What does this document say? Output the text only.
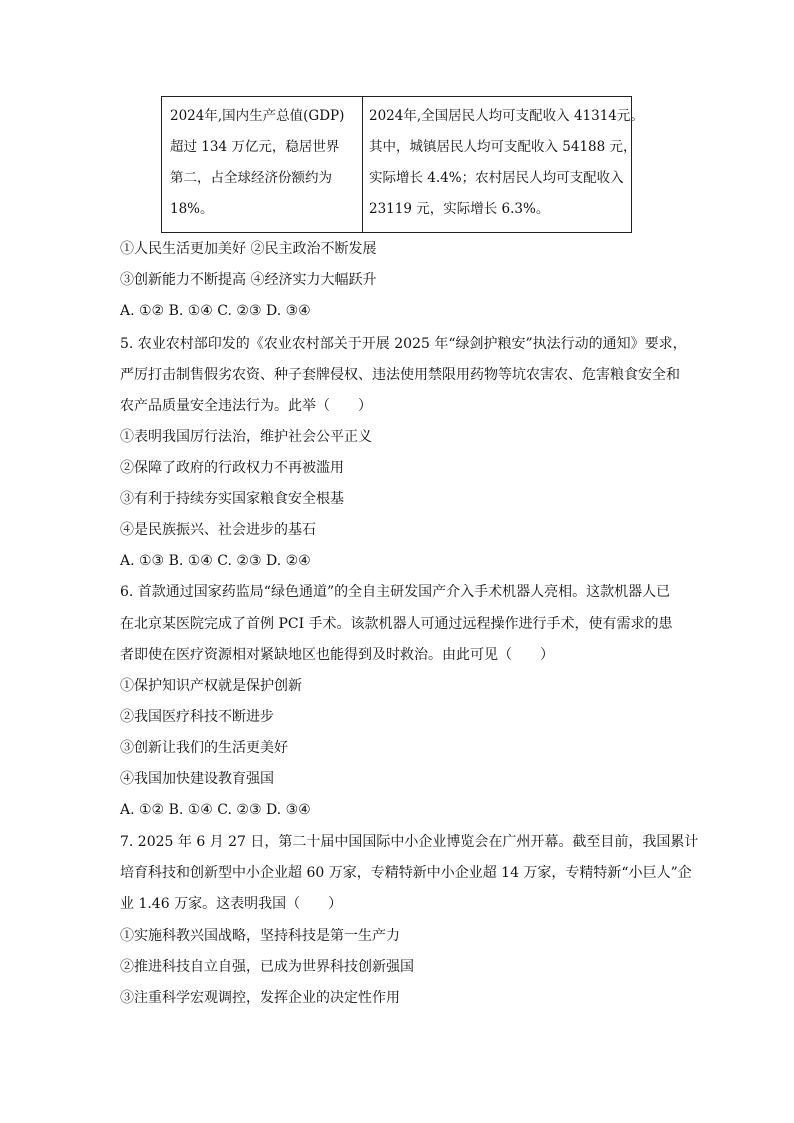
2024年,国内生产总值(GDP)
超过 134 万亿元，稳居世界
第二，占全球经济份额约为
18%。

2024年,全国居民人均可支配收入 41314元。
其中，城镇居民人均可支配收入 54188 元，
实际增长 4.4%；农村居民人均可支配收入
23119 元，实际增长 6.3%。
①人民生活更加美好 ②民主政治不断发展
③创新能力不断提高 ④经济实力大幅跃升
A. ①② B. ①④ C. ②③ D. ③④
5. 农业农村部印发的《农业农村部关于开展 2025 年“绿剑护粮安”执法行动的通知》要求，
严厉打击制售假劣农资、种子套牌侵权、违法使用禁限用药物等坑农害农、危害粮食安全和
农产品质量安全违法行为。此举（　　）
①表明我国厉行法治，维护社会公平正义
②保障了政府的行政权力不再被滥用
③有利于持续夯实国家粮食安全根基
④是民族振兴、社会进步的基石
A. ①③ B. ①④ C. ②③ D. ②④
6. 首款通过国家药监局“绿色通道”的全自主研发国产介入手术机器人亮相。这款机器人已
在北京某医院完成了首例 PCI 手术。该款机器人可通过远程操作进行手术，使有需求的患
者即使在医疗资源相对紧缺地区也能得到及时救治。由此可见（　　）
①保护知识产权就是保护创新
②我国医疗科技不断进步
③创新让我们的生活更美好
④我国加快建设教育强国
A. ①② B. ①④ C. ②③ D. ③④
7. 2025 年 6 月 27 日，第二十届中国国际中小企业博览会在广州开幕。截至目前，我国累计
培育科技和创新型中小企业超 60 万家，专精特新中小企业超 14 万家，专精特新“小巨人”企
业 1.46 万家。这表明我国（　　）
①实施科教兴国战略，坚持科技是第一生产力
②推进科技自立自强，已成为世界科技创新强国
③注重科学宏观调控，发挥企业的决定性作用
